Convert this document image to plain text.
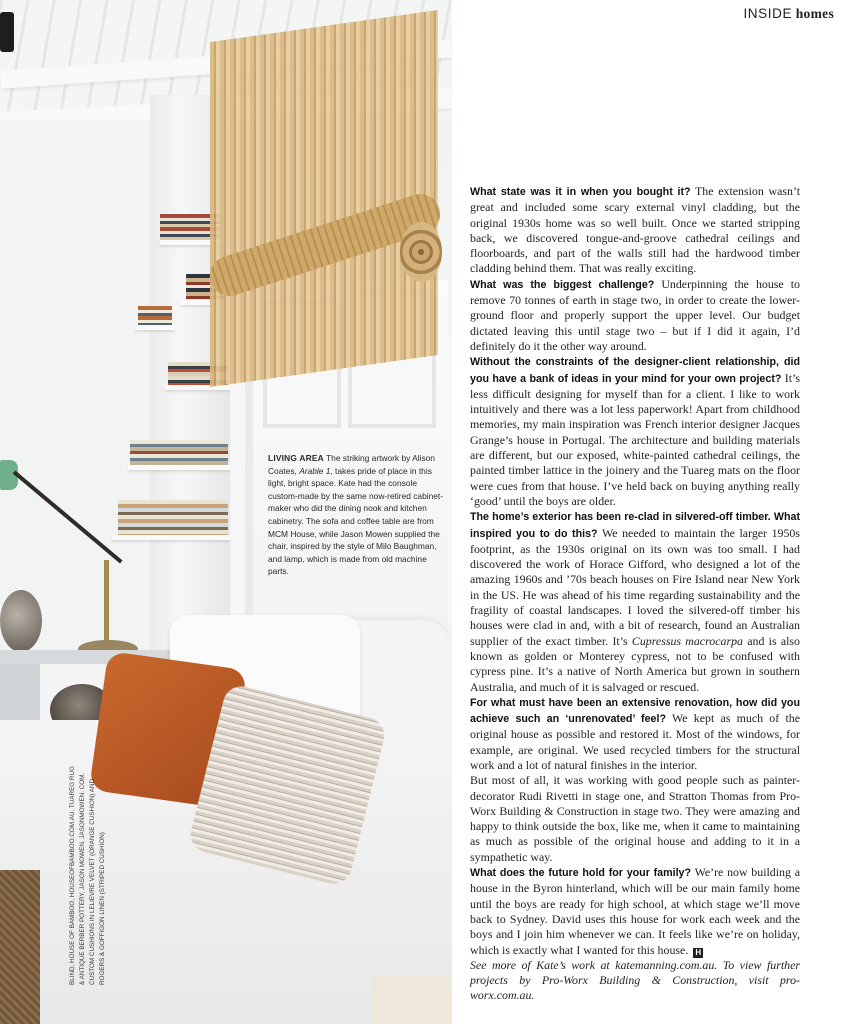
LIVING AREA The striking artwork by Alison Coates, Arable 1, takes pride of place in this light, bright space. Kate had the console custom-made by the same now-retired cabinet-maker who did the dining nook and kitchen cabinetry. The sofa and coffee table are from MCM House, while Jason Mowen supplied the chair, inspired by the style of Milo Baughman, and lamp, which is made from old machine parts.
BLIND, HOUSE OF BAMBOO, HOUSEOFBAMBOO.COM.AU. TUAREG RUG & ANTIQUE BERBER POTTERY, JASON MOWEN, JASONMOWEN. COM. CUSTOM CUSHIONS IN LELIEVRE VELVET (ORANGE CUSHION) AND ROGERS & GOFFIGON LINEN (STRIPED CUSHION)
INSIDE homes

What state was it in when you bought it? The extension wasn’t great and included some scary external vinyl cladding, but the original 1930s home was so well built. Once we started stripping back, we discovered tongue-and-groove cathedral ceilings and floorboards, and part of the walls still had the hardwood timber cladding behind them. That was really exciting.

What was the biggest challenge? Underpinning the house to remove 70 tonnes of earth in stage two, in order to create the lower-ground floor and properly support the upper level. Our budget dictated leaving this until stage two – but if I did it again, I’d definitely do it the other way around.

Without the constraints of the designer-client relationship, did you have a bank of ideas in your mind for your own project? It’s less difficult designing for myself than for a client. I like to work intuitively and there was a lot less paperwork! Apart from childhood memories, my main inspiration was French interior designer Jacques Grange’s house in Portugal. The architecture and building materials are different, but our exposed, white-painted cathedral ceilings, the painted timber lattice in the joinery and the Tuareg mats on the floor were cues from that house. I’ve held back on buying anything really ‘good’ until the boys are older.

The home’s exterior has been re-clad in silvered-off timber. What inspired you to do this? We needed to maintain the larger 1950s footprint, as the 1930s original on its own was too small. I had discovered the work of Horace Gifford, who designed a lot of the amazing 1960s and ’70s beach houses on Fire Island near New York in the US. He was ahead of his time regarding sustainability and the fragility of coastal landscapes. I loved the silvered-off timber his houses were clad in and, with a bit of research, found an Australian supplier of the exact timber. It’s Cupressus macrocarpa and is also known as golden or Monterey cypress, not to be confused with cypress pine. It’s a native of North America but grown in southern Australia, and much of it is salvaged or rescued.

For what must have been an extensive renovation, how did you achieve such an ‘unrenovated’ feel? We kept as much of the original house as possible and restored it. Most of the windows, for example, are original. We used recycled timbers for the structural work and a lot of natural finishes in the interior.

But most of all, it was working with good people such as painter-decorator Rudi Rivetti in stage one, and Stratton Thomas from Pro-Worx Building & Construction in stage two. They were amazing and happy to think outside the box, like me, when it came to maintaining as much as possible of the original house and adding to it in a sympathetic way.

What does the future hold for your family? We’re now building a house in the Byron hinterland, which will be our main family home until the boys are ready for high school, at which stage we’ll move back to Sydney. David uses this house for work each week and the boys and I join him whenever we can. It feels like we’re on holiday, which is exactly what I wanted for this house. H

See more of Kate’s work at katemanning.com.au. To view further projects by Pro-Worx Building & Construction, visit pro-worx.com.au.
